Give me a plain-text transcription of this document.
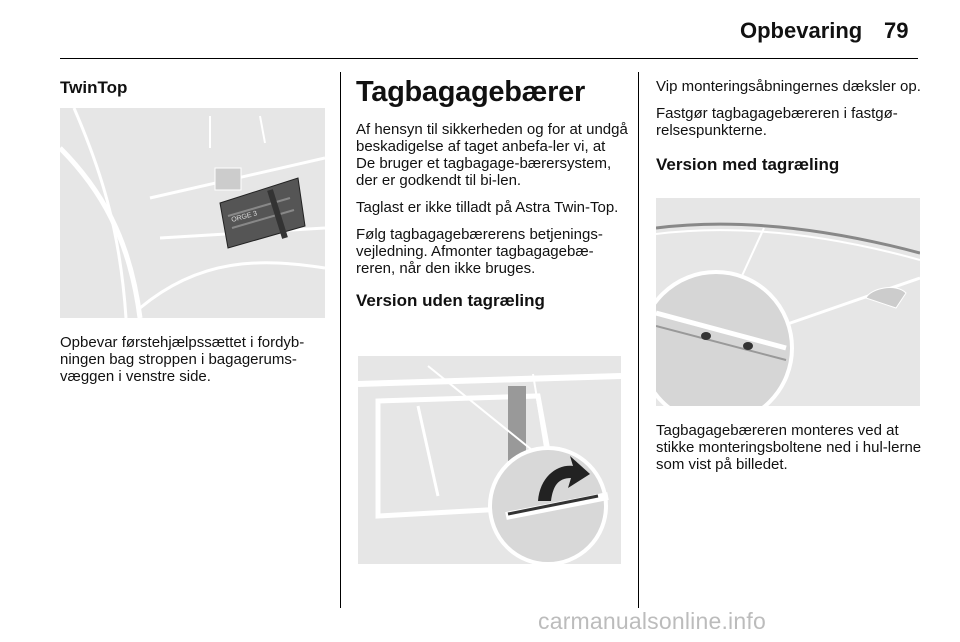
Opbevaring 79
TwinTop
ORGE 3

Opbevar førstehjælpssættet i fordyb-ningen bag stroppen i bagagerums-væggen i venstre side.

Tagbagagebærer

Af hensyn til sikkerheden og for at undgå beskadigelse af taget anbefa-ler vi, at De bruger et tagbagage-bærersystem, der er godkendt til bi-len.

Taglast er ikke tilladt på Astra Twin-Top.

Følg tagbagagebærerens betjenings-vejledning. Afmonter tagbagagebæ-reren, når den ikke bruges.

Version uden tagræling

Vip monteringsåbningernes dæksler op.

Fastgør tagbagagebæreren i fastgø-relsespunkterne.

Version med tagræling

Tagbagagebæreren monteres ved at stikke monteringsboltene ned i hul-lerne som vist på billedet.

carmanualsonline.info
